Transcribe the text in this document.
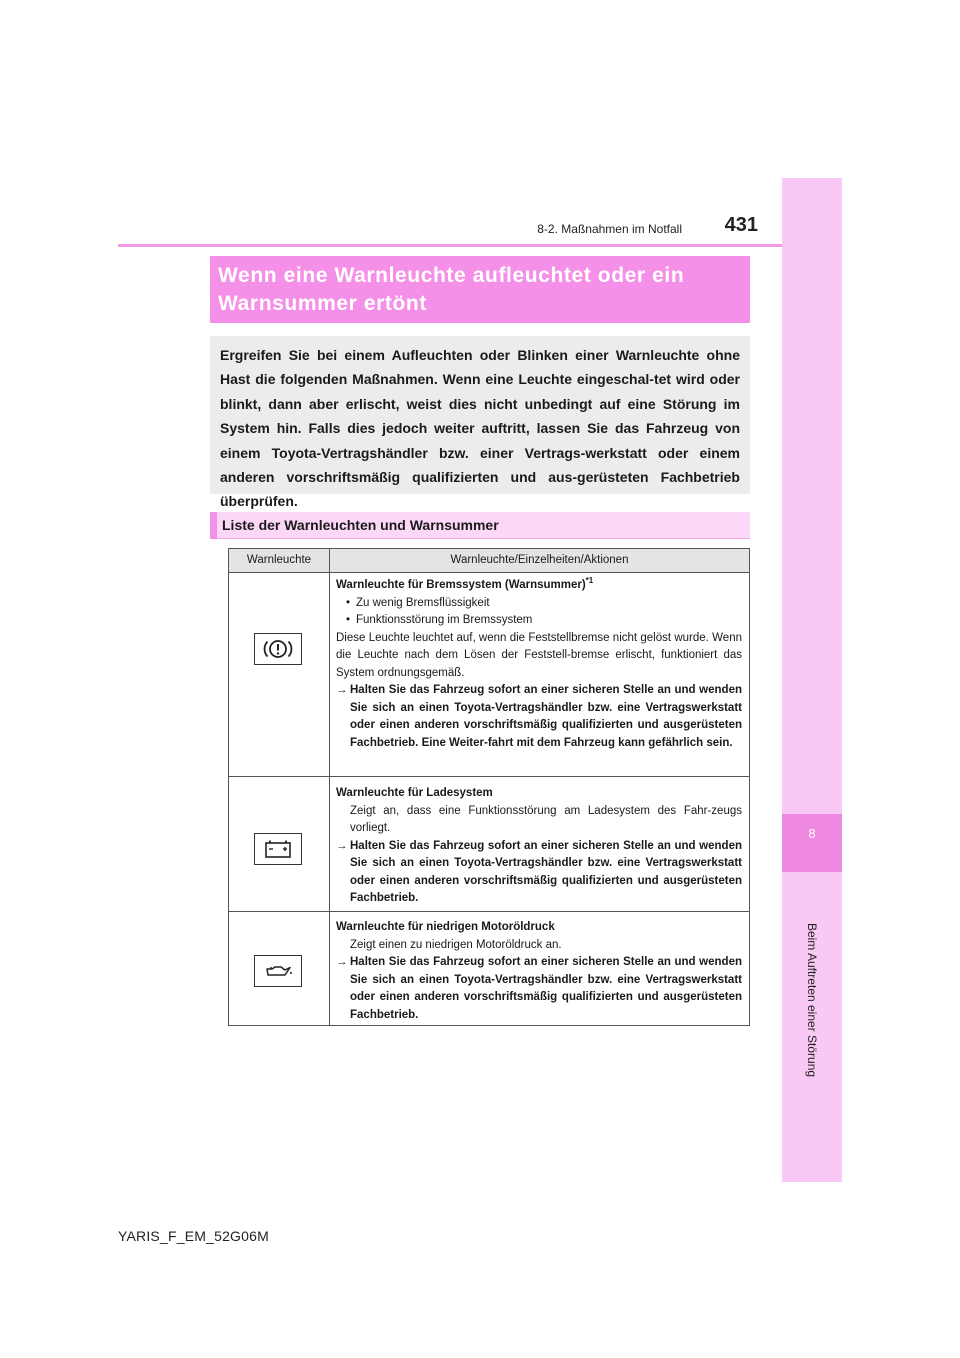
8
Beim Auftreten einer Störung
8-2. Maßnahmen im Notfall	431
Wenn eine Warnleuchte aufleuchtet oder ein
Warnsummer ertönt
Ergreifen Sie bei einem Aufleuchten oder Blinken einer Warnleuchte ohne Hast die folgenden Maßnahmen. Wenn eine Leuchte eingeschal-tet wird oder blinkt, dann aber erlischt, weist dies nicht unbedingt auf eine Störung im System hin. Falls dies jedoch weiter auftritt, lassen Sie das Fahrzeug von einem Toyota-Vertragshändler bzw. einer Vertrags-werkstatt oder einem anderen vorschriftsmäßig qualifizierten und aus-gerüsteten Fachbetrieb überprüfen.
Liste der Warnleuchten und Warnsummer
Warnleuchte	Warnleuchte/Einzelheiten/Aktionen
Warnleuchte für Bremssystem (Warnsummer)$^{*1}$
• Zu wenig Bremsflüssigkeit
• Funktionsstörung im Bremssystem
Diese Leuchte leuchtet auf, wenn die Feststellbremse nicht gelöst wurde. Wenn die Leuchte nach dem Lösen der Feststell-bremse erlischt, funktioniert das System ordnungsgemäß.
→ Halten Sie das Fahrzeug sofort an einer sicheren Stelle an und wenden Sie sich an einen Toyota-Vertragshändler bzw. eine Vertragswerkstatt oder einen anderen vorschriftsmäßig qualifizierten und ausgerüsteten Fachbetrieb. Eine Weiter-fahrt mit dem Fahrzeug kann gefährlich sein.
Warnleuchte für Ladesystem
Zeigt an, dass eine Funktionsstörung am Ladesystem des Fahr-zeugs vorliegt.
→ Halten Sie das Fahrzeug sofort an einer sicheren Stelle an und wenden Sie sich an einen Toyota-Vertragshändler bzw. eine Vertragswerkstatt oder einen anderen vorschriftsmäßig qualifizierten und ausgerüsteten Fachbetrieb.
Warnleuchte für niedrigen Motoröldruck
Zeigt einen zu niedrigen Motoröldruck an.
→ Halten Sie das Fahrzeug sofort an einer sicheren Stelle an und wenden Sie sich an einen Toyota-Vertragshändler bzw. eine Vertragswerkstatt oder einen anderen vorschriftsmäßig qualifizierten und ausgerüsteten Fachbetrieb.
YARIS_F_EM_52G06M
